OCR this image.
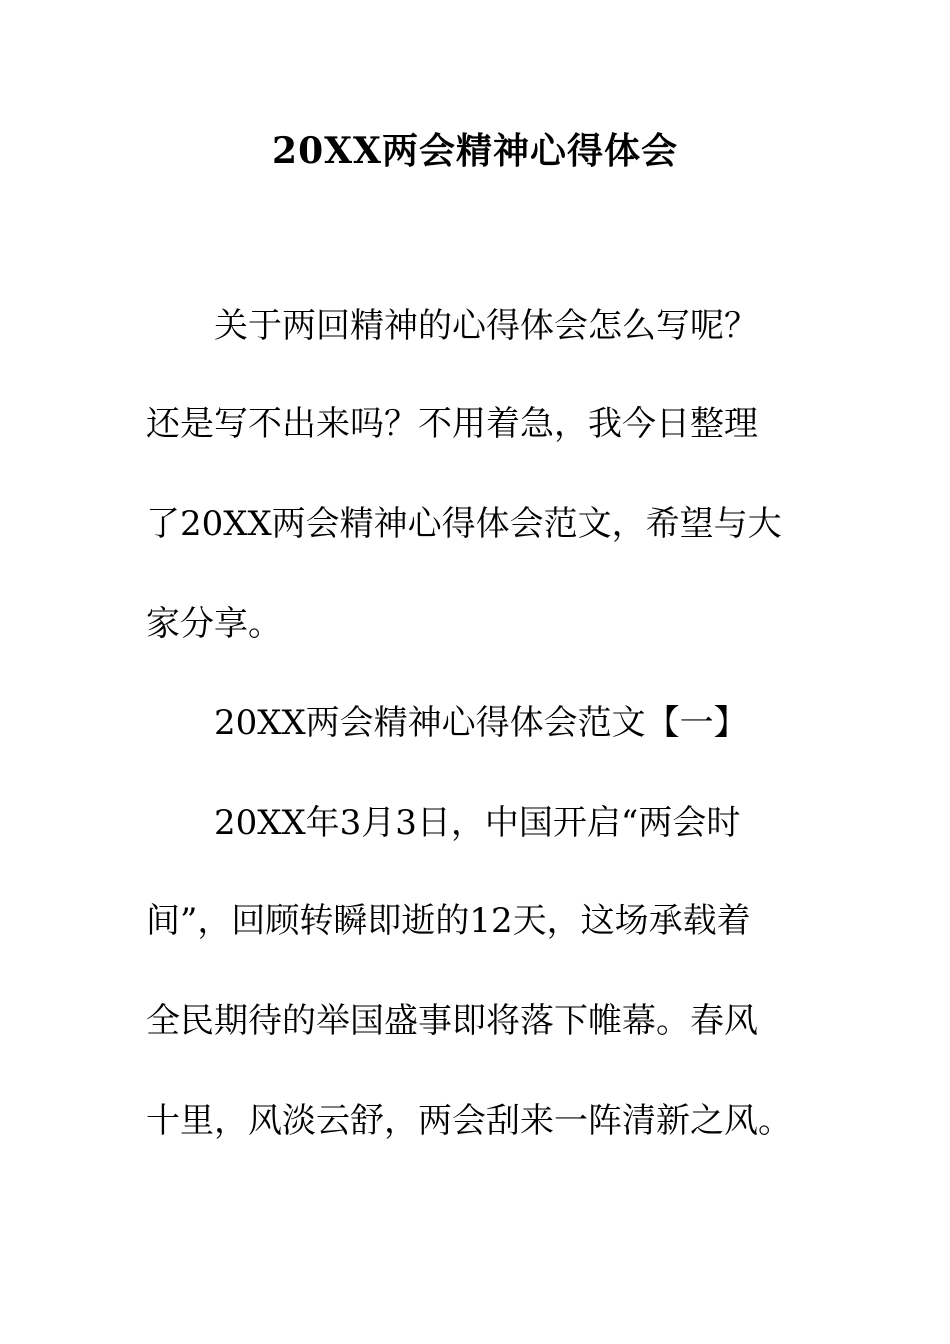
20XX两会精神心得体会
关于两回精神的心得体会怎么写呢？
还是写不出来吗？不用着急，我今日整理
了20XX两会精神心得体会范文，希望与大
家分享。
20XX两会精神心得体会范文【一】
20XX年3月3日，中国开启“两会时
间”，回顾转瞬即逝的12天，这场承载着
全民期待的举国盛事即将落下帷幕。春风
十里，风淡云舒，两会刮来一阵清新之风。
